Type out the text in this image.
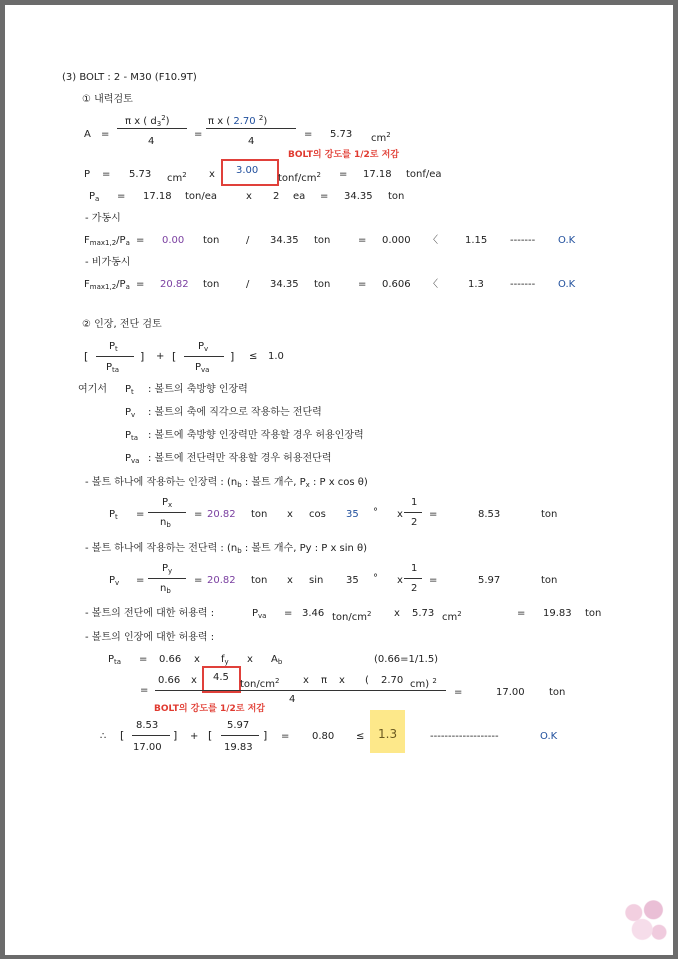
(3) BOLT : 2 - M30 (F10.9T)
① 내력검토
A =
π x ( $d_3^2$)
4
=
π x ( 2.70 $^2$)
4
= 5.73 $cm^2$
BOLT의 강도를 1/2로 저감
P = 5.73 $cm^2$ x 3.00
tonf/$cm^2 = 17.18$ tonf/ea
$P_a = 17.18$ ton/ea	x 2 ea = 34.35 ton
- 가동시
$F_{max1,2}/P_a = 0.00$ ton	/ 34.35 ton	= 0.000 〈	1.15 ------- O.K
- 비가동시
$F_{max1,2}/P_a = 20.82$ ton	/ 34.35 ton	= 0.606 〈	1.3	------- O.K
② 인장, 전단 검토
[
$P_t$
$P_{ta}$
] + [
$P_v$
$P_{va}$
] ≤ 1.0
여기서 $P_t$ : 볼트의 축방향 인장력
$P_v$ : 볼트의 축에 직각으로 작용하는 전단력
$P_{ta}$ : 볼트에 축방향 인장력만 작용할 경우 허용인장력
$P_{va}$ : 볼트에 전단력만 작용할 경우 허용전단력
- 볼트 하나에 작용하는 인장력 : ($n_b$ : 볼트 개수, $P_x$ : P x cos θ)
$P_t$ =
$P_x$
$n_b$
= 20.82 ton x cos 35 ° x
1
2
=	8.53	ton
- 볼트 하나에 작용하는 전단력 : ($n_b$ : 볼트 개수, Py : P x sin θ)
$P_v$ =
$P_y$
$n_b$
= 20.82 ton x sin 35 ° x
1
2
=	5.97	ton
- 볼트의 전단에 대한 허용력 :	$P_{va} = 3.46$ ton/$cm^2$ x 5.73 $cm^2$	= 19.83 ton
- 볼트의 인장에 대한 허용력 :
$P_{ta} = 0.66$ x $f_y$ x $A_b$	(0.66=1/1.5)
=
0.66 x 4.5
ton/$cm^2$ x π x ( 2.70 cm) $^2$
4
=	17.00 ton
BOLT의 강도를 1/2로 저감
∴ [
8.53
17.00
] + [
5.97
19.83
] = 0.80 ≤ 1.3	-------------------	O.K
